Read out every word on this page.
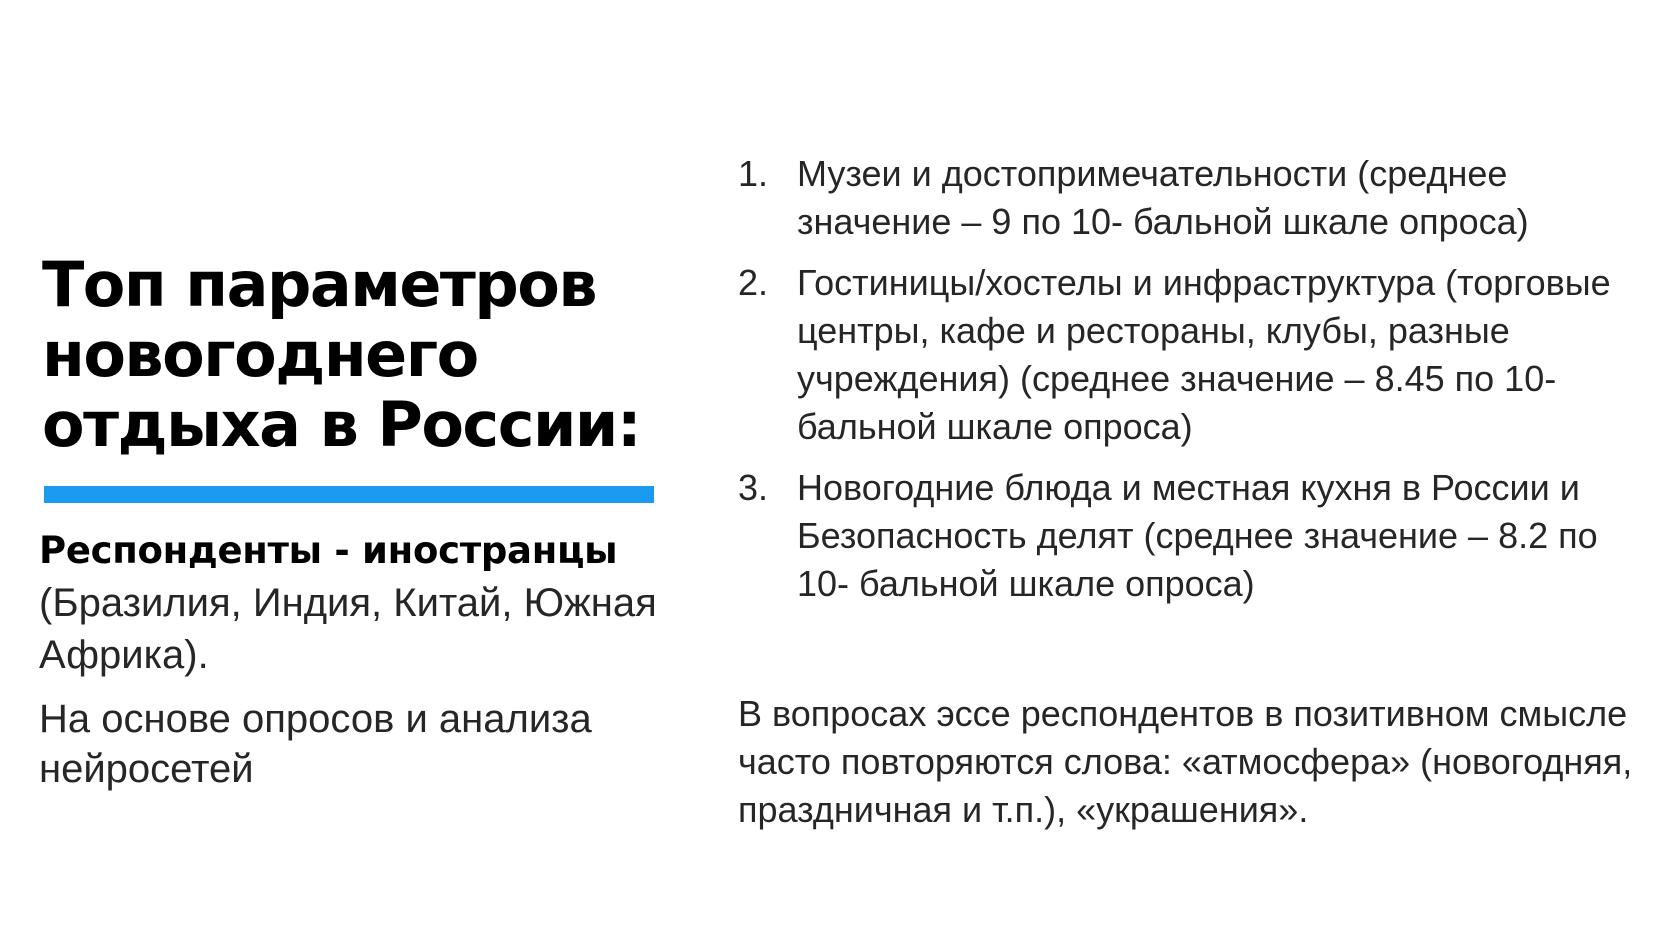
Топ параметров
новогоднего
отдыха в России:
Респонденты - иностранцы
(Бразилия, Индия, Китай, Южная Африка).
На основе опросов и анализа нейросетей
1. Музеи и достопримечательности (среднее значение – 9 по 10- бальной шкале опроса)
2. Гостиницы/хостелы и инфраструктура (торговые центры, кафе и рестораны, клубы, разные учреждения) (среднее значение – 8.45 по 10- бальной шкале опроса)
3. Новогодние блюда и местная кухня в России и Безопасность делят (среднее значение – 8.2 по 10- бальной шкале опроса)
В вопросах эссе респондентов в позитивном смысле часто повторяются слова: «атмосфера» (новогодняя, праздничная и т.п.), «украшения».
